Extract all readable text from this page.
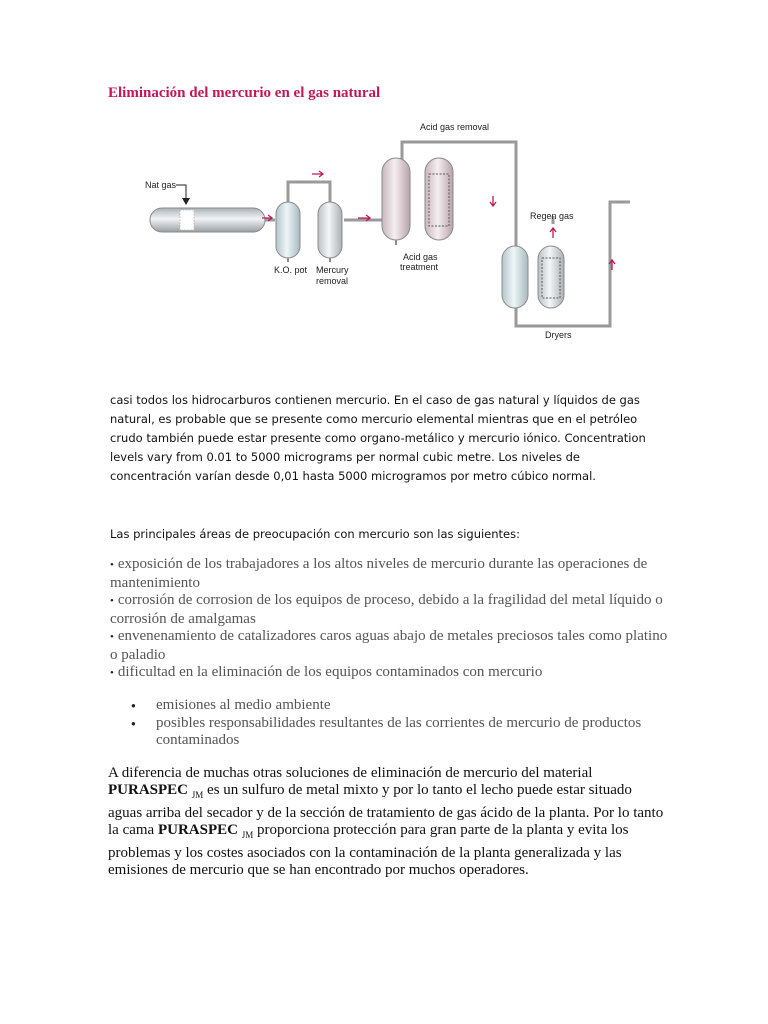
Eliminación del mercurio en el gas natural
Nat gas
K.O. pot Mercury
removal
Acid gas
treatment
Acid gas removal
Regen gas
Dryers
casi todos los hidrocarburos contienen mercurio. En el caso de gas natural y líquidos de gas natural, es probable que se presente como mercurio elemental mientras que en el petróleo crudo también puede estar presente como organo-metálico y mercurio iónico. Concentration levels vary from 0.01 to 5000 micrograms per normal cubic metre. Los niveles de concentración varían desde 0,01 hasta 5000 microgramos por metro cúbico normal.
Las principales áreas de preocupación con mercurio son las siguientes:
• exposición de los trabajadores a los altos niveles de mercurio durante las operaciones de mantenimiento
• corrosión de corrosion de los equipos de proceso, debido a la fragilidad del metal líquido o corrosión de amalgamas
• envenenamiento de catalizadores caros aguas abajo de metales preciosos tales como platino o paladio
• dificultad en la eliminación de los equipos contaminados con mercurio
● emisiones al medio ambiente
● posibles responsabilidades resultantes de las corrientes de mercurio de productos contaminados

A diferencia de muchas otras soluciones de eliminación de mercurio del material PURASPEC $_{JM}$ es un sulfuro de metal mixto y por lo tanto el lecho puede estar situado aguas arriba del secador y de la sección de tratamiento de gas ácido de la planta. Por lo tanto la cama PURASPEC $_{JM}$ proporciona protección para gran parte de la planta y evita los problemas y los costes asociados con la contaminación de la planta generalizada y las emisiones de mercurio que se han encontrado por muchos operadores.
